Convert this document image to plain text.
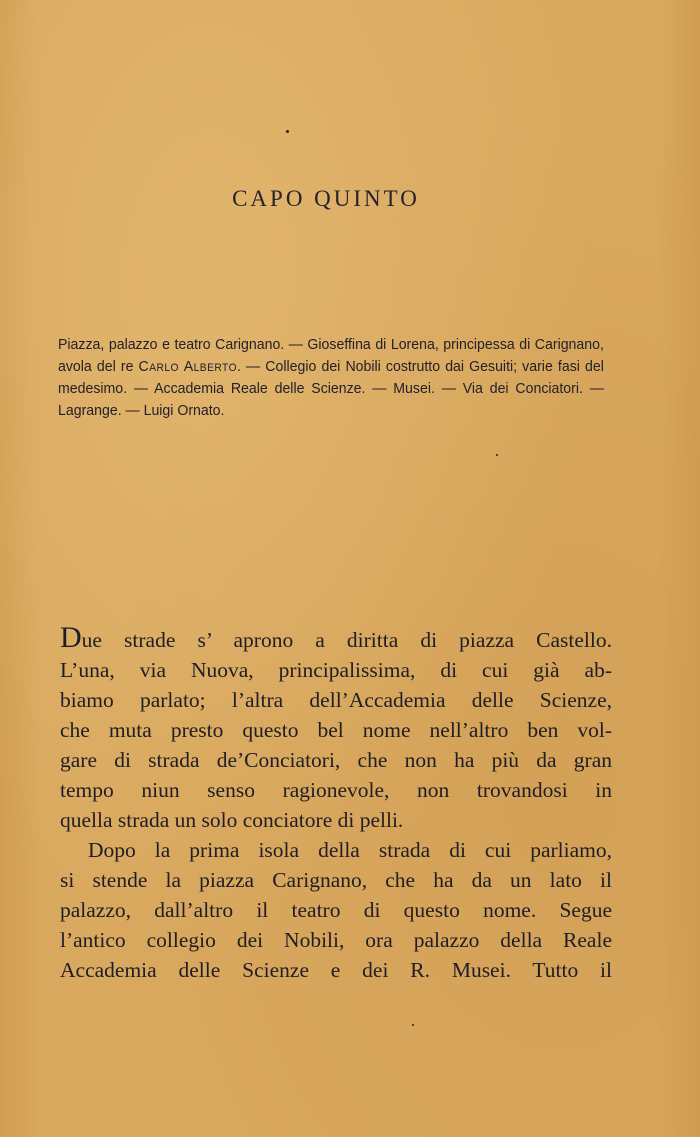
CAPO QUINTO
Piazza, palazzo e teatro Carignano. — Gioseffina di Lorena, principessa di Carignano, avola del re Carlo Alberto. — Collegio dei Nobili costrutto dai Gesuiti; varie fasi del medesimo. — Accademia Reale delle Scienze. — Musei. — Via dei Conciatori. — Lagrange. — Luigi Ornato.

Due strade s’ aprono a diritta di piazza Castello.
L’una, via Nuova, principalissima, di cui già ab-
biamo parlato; l’altra dell’Accademia delle Scienze,
che muta presto questo bel nome nell’altro ben vol-
gare di strada de’Conciatori, che non ha più da gran
tempo niun senso ragionevole, non trovandosi in
quella strada un solo conciatore di pelli.

Dopo la prima isola della strada di cui parliamo,
si stende la piazza Carignano, che ha da un lato il
palazzo, dall’altro il teatro di questo nome. Segue
l’antico collegio dei Nobili, ora palazzo della Reale
Accademia delle Scienze e dei R. Musei. Tutto il
